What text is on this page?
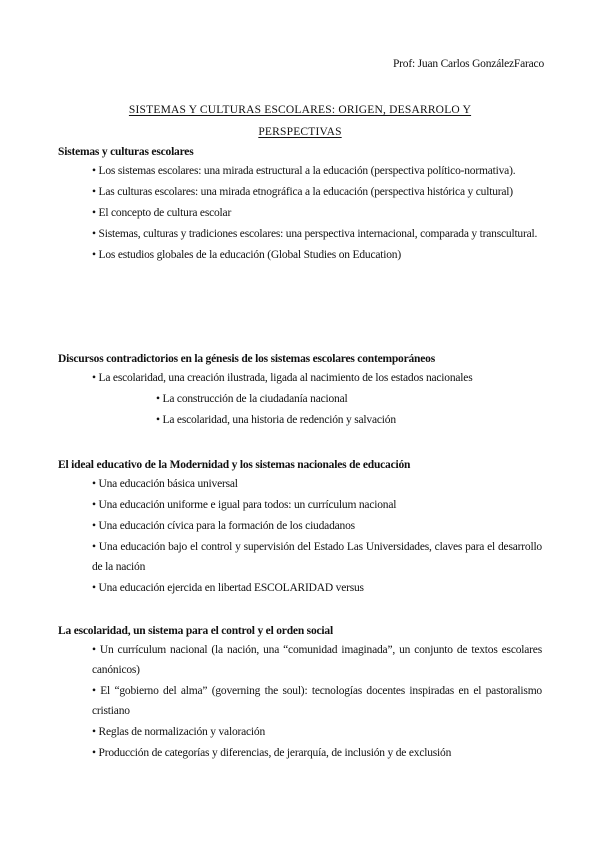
Prof: Juan Carlos GonzálezFaraco
SISTEMAS Y CULTURAS ESCOLARES: ORIGEN, DESARROLO Y
PERSPECTIVAS
Sistemas y culturas escolares
• Los sistemas escolares: una mirada estructural a la educación (perspectiva político-normativa).
• Las culturas escolares: una mirada etnográfica a la educación (perspectiva histórica y cultural)
• El concepto de cultura escolar
• Sistemas, culturas y tradiciones escolares: una perspectiva internacional, comparada y transcultural.
• Los estudios globales de la educación (Global Studies on Education)
Discursos contradictorios en la génesis de los sistemas escolares contemporáneos
• La escolaridad, una creación ilustrada, ligada al nacimiento de los estados nacionales
• La construcción de la ciudadanía nacional
• La escolaridad, una historia de redención y salvación
El ideal educativo de la Modernidad y los sistemas nacionales de educación
• Una educación básica universal
• Una educación uniforme e igual para todos: un currículum nacional
• Una educación cívica para la formación de los ciudadanos
• Una educación bajo el control y supervisión del Estado Las Universidades, claves para el desarrollo de la nación
• Una educación ejercida en libertad ESCOLARIDAD versus
La escolaridad, un sistema para el control y el orden social
• Un currículum nacional (la nación, una “comunidad imaginada”, un conjunto de textos escolares canónicos)
• El “gobierno del alma” (governing the soul): tecnologías docentes inspiradas en el pastoralismo cristiano
• Reglas de normalización y valoración
• Producción de categorías y diferencias, de jerarquía, de inclusión y de exclusión
